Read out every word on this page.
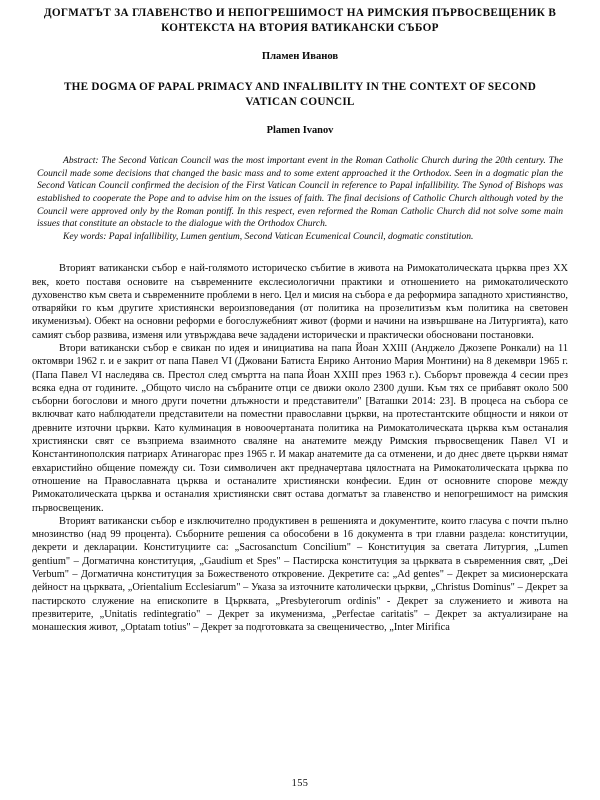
ДОГМАТЪТ ЗА ГЛАВЕНСТВО И НЕПОГРЕШИМОСТ НА РИМСКИЯ ПЪРВОСВЕЩЕНИК В КОНТЕКСТА НА ВТОРИЯ ВАТИКАНСКИ СЪБОР
Пламен Иванов
THE DOGMA OF PAPAL PRIMACY AND INFALIBILITY IN THE CONTEXT OF SECOND VATICAN COUNCIL
Plamen Ivanov

Abstract: The Second Vatican Council was the most important event in the Roman Catholic Church during the 20th century. The Council made some decisions that changed the basic mass and to some extent approached it the Orthodox. Seen in a dogmatic plan the Second Vatican Council confirmed the decision of the First Vatican Council in reference to Papal infallibility. The Synod of Bishops was established to cooperate the Pope and to advise him on the issues of faith. The final decisions of Catholic Church although voted by the Council were approved only by the Roman pontiff. In this respect, even reformed the Roman Catholic Church did not solve some main issues that constitute an obstacle to the dialogue with the Orthodox Church.

Key words: Papal infallibility, Lumen gentium, Second Vatican Ecumenical Council, dogmatic constitution.

Вторият ватикански събор е най-голямото историческо събитие в живота на Римокатолическата църква през XX век, което поставя основите на съвременните екслесиологични практики и отношението на римокатолическото духовенство към света и съвременните проблеми в него. Цел и мисия на събора е да реформира западното християнство, отваряйки го към другите християнски вероизповедания (от политика на прозелитизъм към политика на световен икуменизъм). Обект на основни реформи е богослужебният живот (форми и начини на извършване на Литургията), като самият събор развива, изменя или утвърждава вече зададени исторически и практически обосновани постановки.

Втори ватикански събор е свикан по идея и инициатива на папа Йоан XXIII (Анджело Джозепе Ронкали) на 11 октомври 1962 г. и е закрит от папа Павел VI (Джовани Батиста Енрико Антонио Мария Монтини) на 8 декември 1965 г. (Папа Павел VI наследява св. Престол след смъртта на папа Йоан XXIII през 1963 г.). Съборът провежда 4 сесии през всяка една от годините. „Общото число на събраните отци се движи около 2300 души. Към тях се прибавят около 500 съборни богослови и много други почетни длъжности и представители" [Ваташки 2014: 23]. В процеса на събора се включват като наблюдатели представители на поместни православни църкви, на протестантските общности и някои от древните източни църкви. Като кулминация в новоочертаната политика на Римокатолическата църква към останалия християнски свят се възприема взаимното сваляне на анатемите между Римския първосвещеник Павел VI и Константинополския патриарх Атинагорас през 1965 г. И макар анатемите да са отменени, и до днес двете църкви нямат евхаристийно общение помежду си. Този символичен акт предначертава цялостната на Римокатолическата църква по отношение на Православната църква и останалите християнски конфесии. Един от основните спорове между Римокатолическата църква и останалия християнски свят остава догматът за главенство и непогрешимост на римския първосвещеник.

Вторият ватикански събор е изключително продуктивен в решенията и документите, които гласува с почти пълно мнозинство (над 99 процента). Съборните решения са обособени в 16 документа в три главни раздела: конституции, декрети и декларации. Конституциите са: „Sacrosanctum Concilium" – Конституция за светата Литургия, „Lumen gentium" – Догматична конституция, „Gaudium et Spes" – Пастирска конституция за църквата в съвременния свят, „Dei Verbum" – Догматична конституция за Божественото откровение. Декретите са: „Ad gentes" – Декрет за мисионерската дейност на църквата, „Orientalium Ecclesiarum" – Указа за източните католически църкви, „Christus Dominus" – Декрет за пастирското служение на епископите в Църквата, „Presbyterorum ordinis" - Декрет за служението и живота на презвитерите, „Unitatis redintegratio" – Декрет за икуменизма, „Perfectae caritatis" – Декрет за актуализиране на монашеския живот, „Optatam totius" – Декрет за подготовката за свещеничество, „Inter Mirifica

155
